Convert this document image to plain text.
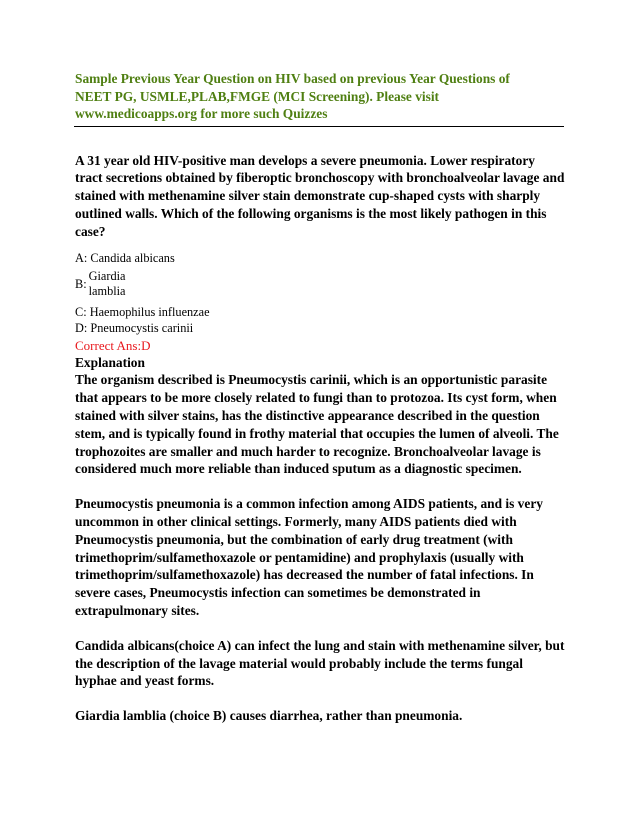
Sample Previous Year Question on HIV based on previous Year Questions of
NEET PG, USMLE,PLAB,FMGE (MCI Screening). Please visit
www.medicoapps.org for more such Quizzes

A 31 year old HIV-positive man develops a severe pneumonia. Lower respiratory tract secretions obtained by fiberoptic bronchoscopy with bronchoalveolar lavage and stained with methenamine silver stain demonstrate cup-shaped cysts with sharply outlined walls. Which of the following organisms is the most likely pathogen in this case?

A: Candida albicans
B:
Giardia lamblia
C: Haemophilus influenzae
D: Pneumocystis carinii

Correct Ans:D

Explanation

The organism described is Pneumocystis carinii, which is an opportunistic parasite that appears to be more closely related to fungi than to protozoa. Its cyst form, when stained with silver stains, has the distinctive appearance described in the question stem, and is typically found in frothy material that occupies the lumen of alveoli. The trophozoites are smaller and much harder to recognize. Bronchoalveolar lavage is considered much more reliable than induced sputum as a diagnostic specimen.

Pneumocystis pneumonia is a common infection among AIDS patients, and is very uncommon in other clinical settings. Formerly, many AIDS patients died with Pneumocystis pneumonia, but the combination of early drug treatment (with trimethoprim/sulfamethoxazole or pentamidine) and prophylaxis (usually with trimethoprim/sulfamethoxazole) has decreased the number of fatal infections. In severe cases, Pneumocystis infection can sometimes be demonstrated in extrapulmonary sites.

Candida albicans(choice A) can infect the lung and stain with methenamine silver, but the description of the lavage material would probably include the terms fungal hyphae and yeast forms.

Giardia lamblia (choice B) causes diarrhea, rather than pneumonia.
